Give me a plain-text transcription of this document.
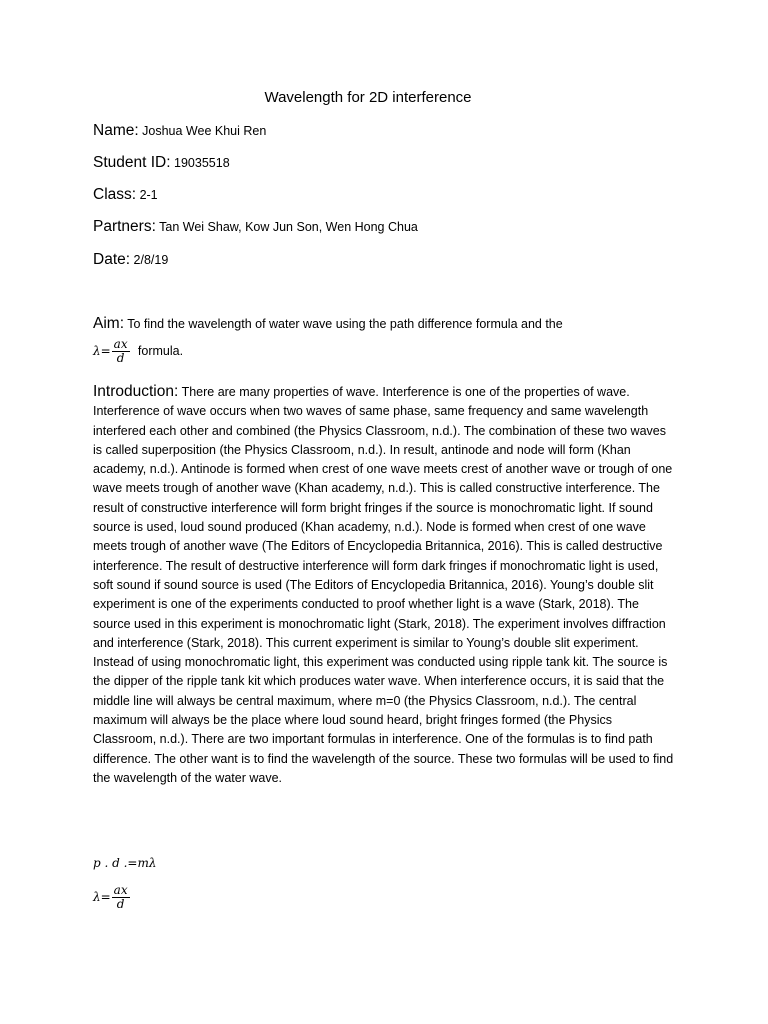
Wavelength for 2D interference
Name: Joshua Wee Khui Ren
Student ID: 19035518
Class: 2-1
Partners: Tan Wei Shaw, Kow Jun Son, Wen Hong Chua
Date: 2/8/19
Aim: To find the wavelength of water wave using the path difference formula and the
$\lambda= \frac{ax}{d}$ formula.
Introduction: There are many properties of wave. Interference is one of the properties of wave. Interference of wave occurs when two waves of same phase, same frequency and same wavelength interfered each other and combined (the Physics Classroom, n.d.). The combination of these two waves is called superposition (the Physics Classroom, n.d.). In result, antinode and node will form (Khan academy, n.d.). Antinode is formed when crest of one wave meets crest of another wave or trough of one wave meets trough of another wave (Khan academy, n.d.). This is called constructive interference. The result of constructive interference will form bright fringes if the source is monochromatic light. If sound source is used, loud sound produced (Khan academy, n.d.). Node is formed when crest of one wave meets trough of another wave (The Editors of Encyclopedia Britannica, 2016). This is called destructive interference. The result of destructive interference will form dark fringes if monochromatic light is used, soft sound if sound source is used (The Editors of Encyclopedia Britannica, 2016). Young’s double slit experiment is one of the experiments conducted to proof whether light is a wave (Stark, 2018). The source used in this experiment is monochromatic light (Stark, 2018). The experiment involves diffraction and interference (Stark, 2018). This current experiment is similar to Young’s double slit experiment. Instead of using monochromatic light, this experiment was conducted using ripple tank kit. The source is the dipper of the ripple tank kit which produces water wave. When interference occurs, it is said that the middle line will always be central maximum, where m=0 (the Physics Classroom, n.d.). The central maximum will always be the place where loud sound heard, bright fringes formed (the Physics Classroom, n.d.). There are two important formulas in interference. One of the formulas is to find path difference. The other want is to find the wavelength of the source. These two formulas will be used to find the wavelength of the water wave.
p . d .=mλ
$\lambda= \frac{ax}{d}$
